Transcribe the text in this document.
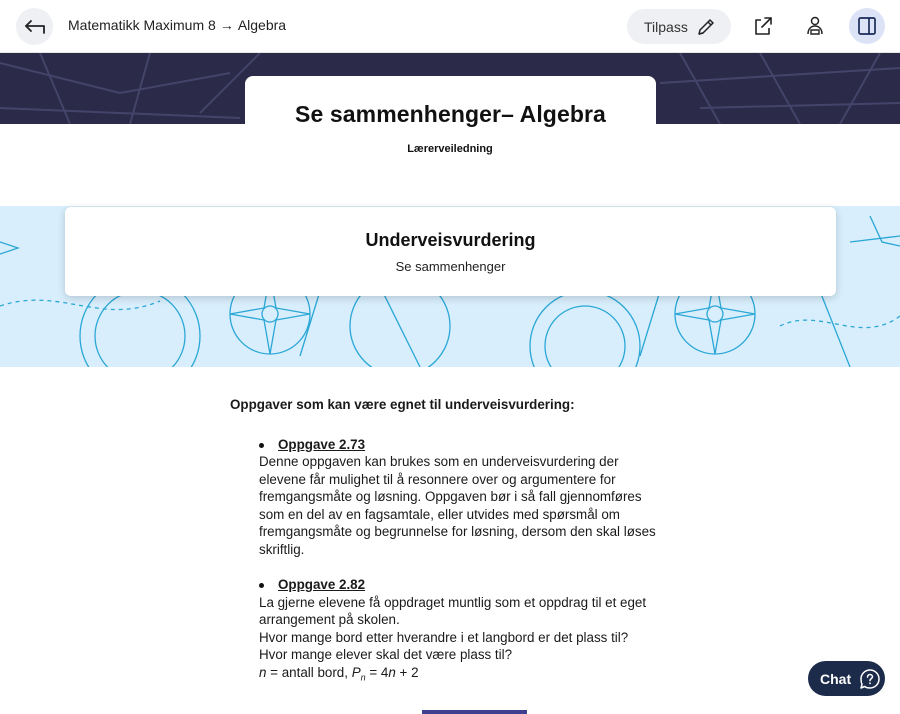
Matematikk Maximum 8 → Algebra	Tilpass
Se sammenhenger– Algebra
Lærerveiledning
Underveisvurdering

Se sammenhenger

Oppgaver som kan være egnet til underveisvurdering:
Oppgave 2.73

Denne oppgaven kan brukes som en underveisvurdering der

elevene får mulighet til å resonnere over og argumentere for

fremgangsmåte og løsning. Oppgaven bør i så fall gjennomføres

som en del av en fagsamtale, eller utvides med spørsmål om

fremgangsmåte og begrunnelse for løsning, dersom den skal løses

skriftlig.

Oppgave 2.82

La gjerne elevene få oppdraget muntlig som et oppdrag til et eget

arrangement på skolen.

Hvor mange bord etter hverandre i et langbord er det plass til?

Hvor mange elever skal det være plass til?

n = antall bord, $P_n = 4n + 2$	Chat
